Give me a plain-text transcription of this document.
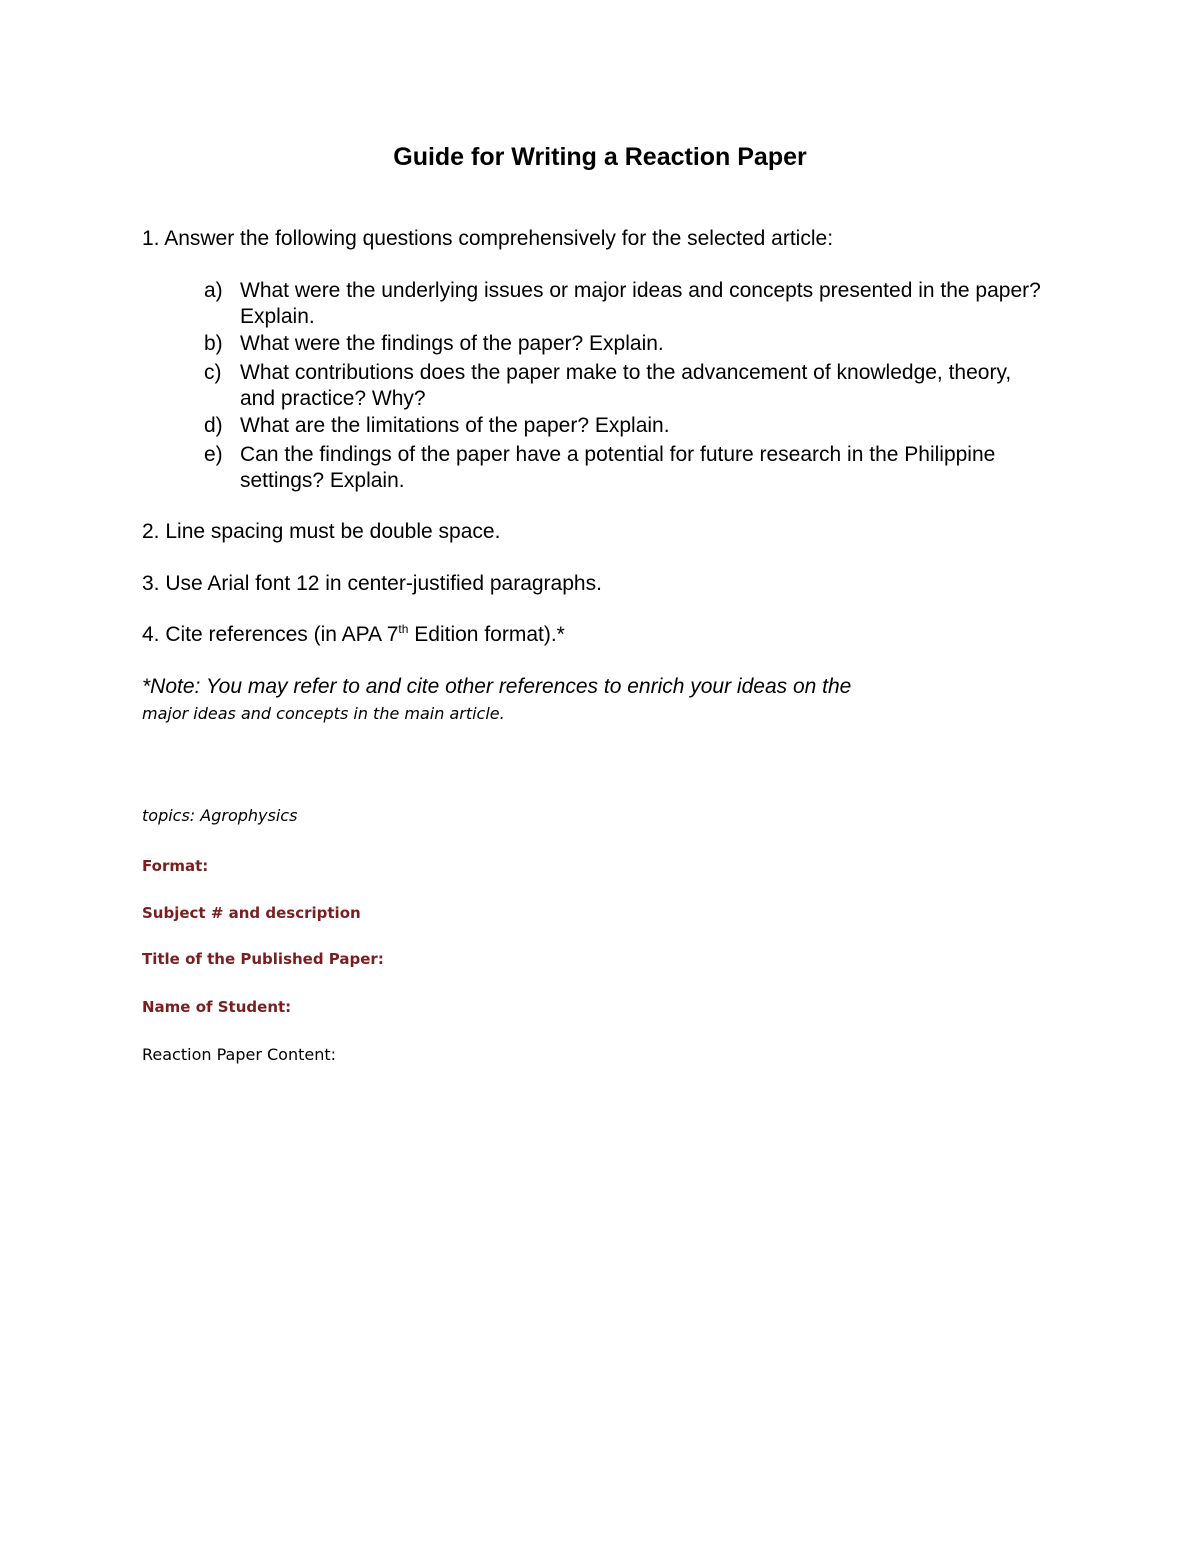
Guide for Writing a Reaction Paper
1. Answer the following questions comprehensively for the selected article:
a) What were the underlying issues or major ideas and concepts presented in the paper? Explain.
b) What were the findings of the paper? Explain.
c) What contributions does the paper make to the advancement of knowledge, theory, and practice? Why?
d) What are the limitations of the paper? Explain.
e) Can the findings of the paper have a potential for future research in the Philippine settings? Explain.
2. Line spacing must be double space.
3. Use Arial font 12 in center-justified paragraphs.
4. Cite references (in APA 7th Edition format).*
*Note: You may refer to and cite other references to enrich your ideas on the
major ideas and concepts in the main article.
topics: Agrophysics
Format:
Subject # and description
Title of the Published Paper:
Name of Student:
Reaction Paper Content:
